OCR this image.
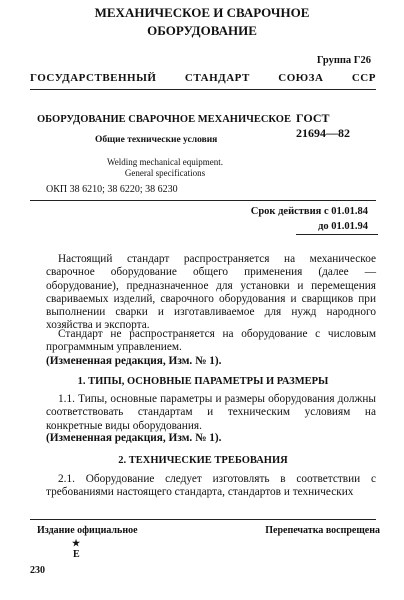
МЕХАНИЧЕСКОЕ И СВАРОЧНОЕ
ОБОРУДОВАНИЕ
Группа Г26
ГОСУДАРСТВЕННЫЙ	СТАНДАРТ	СОЮЗА	ССР
ОБОРУДОВАНИЕ СВАРОЧНОЕ МЕХАНИЧЕСКОЕ ГОСТ
21694—82
Общие технические условия
Welding mechanical equipment.
General specifications
ОКП 38 6210; 38 6220; 38 6230
Срок действия с 01.01.84
до 01.01.94
Настоящий стандарт распространяется на механическое сварочное оборудование общего применения (далее — оборудование), предназначенное для установки и перемещения свариваемых изделий, сварочного оборудования и сварщиков при выполнении сварки и изготавливаемое для нужд народного хозяйства и экспорта.
Стандарт не распространяется на оборудование с числовым программным управлением.
(Измененная редакция, Изм. № 1).
1. ТИПЫ, ОСНОВНЫЕ ПАРАМЕТРЫ И РАЗМЕРЫ
1.1. Типы, основные параметры и размеры оборудования должны соответствовать стандартам и техническим условиям на конкретные виды оборудования.
(Измененная редакция, Изм. № 1).
2. ТЕХНИЧЕСКИЕ ТРЕБОВАНИЯ
2.1. Оборудование следует изготовлять в соответствии с требованиями настоящего стандарта, стандартов и технических
Издание официальное	Перепечатка воспрещена
★
Е
230
